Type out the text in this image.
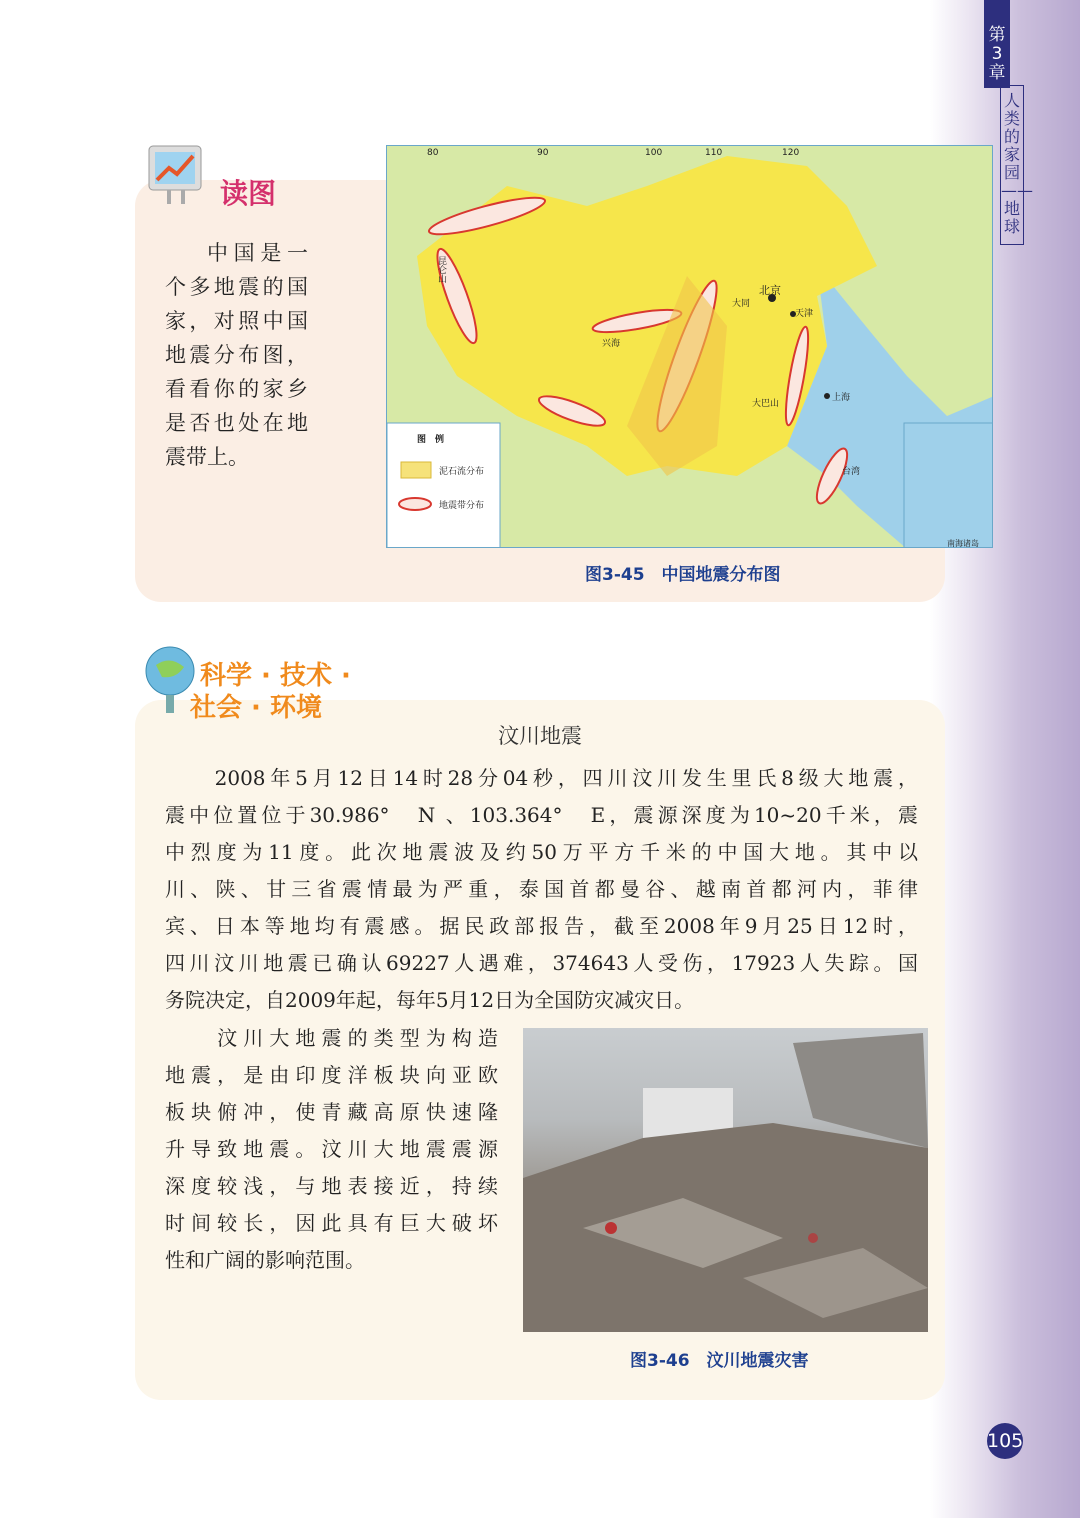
第3章
人类的家园——地球
读图
中国是一
个多地震的国
家，对照中国
地震分布图，
看看你的家乡
是否也处在地
震带上。
图　例
泥石流分布
地震带分布
北京
天津
大同
兴海
上海
大巴山
台湾
南海诸岛
昆仑山
80	90	100	110	120
图3-45　中国地震分布图
科学 · 技术 ·
社会 · 环境
汶川地震
　　2008年5月12日14时28分04秒，四川汶川发生里氏8级大地震，
震中位置位于30.986°　N 、103.364°　E，震源深度为10~20千米，震
中烈度为11度。此次地震波及约50万平方千米的中国大地。其中以
川、陕、甘三省震情最为严重，泰国首都曼谷、越南首都河内，菲律
宾、日本等地均有震感。据民政部报告，截至2008年9月25日12时，
四川汶川地震已确认69227人遇难，374643人受伤，17923人失踪。国
务院决定，自2009年起，每年5月12日为全国防灾减灾日。
　　汶川大地震的类型为构造
地震，是由印度洋板块向亚欧
板块俯冲，使青藏高原快速隆
升导致地震。汶川大地震震源
深度较浅，与地表接近，持续
时间较长，因此具有巨大破坏
性和广阔的影响范围。
图3-46　汶川地震灾害
105
